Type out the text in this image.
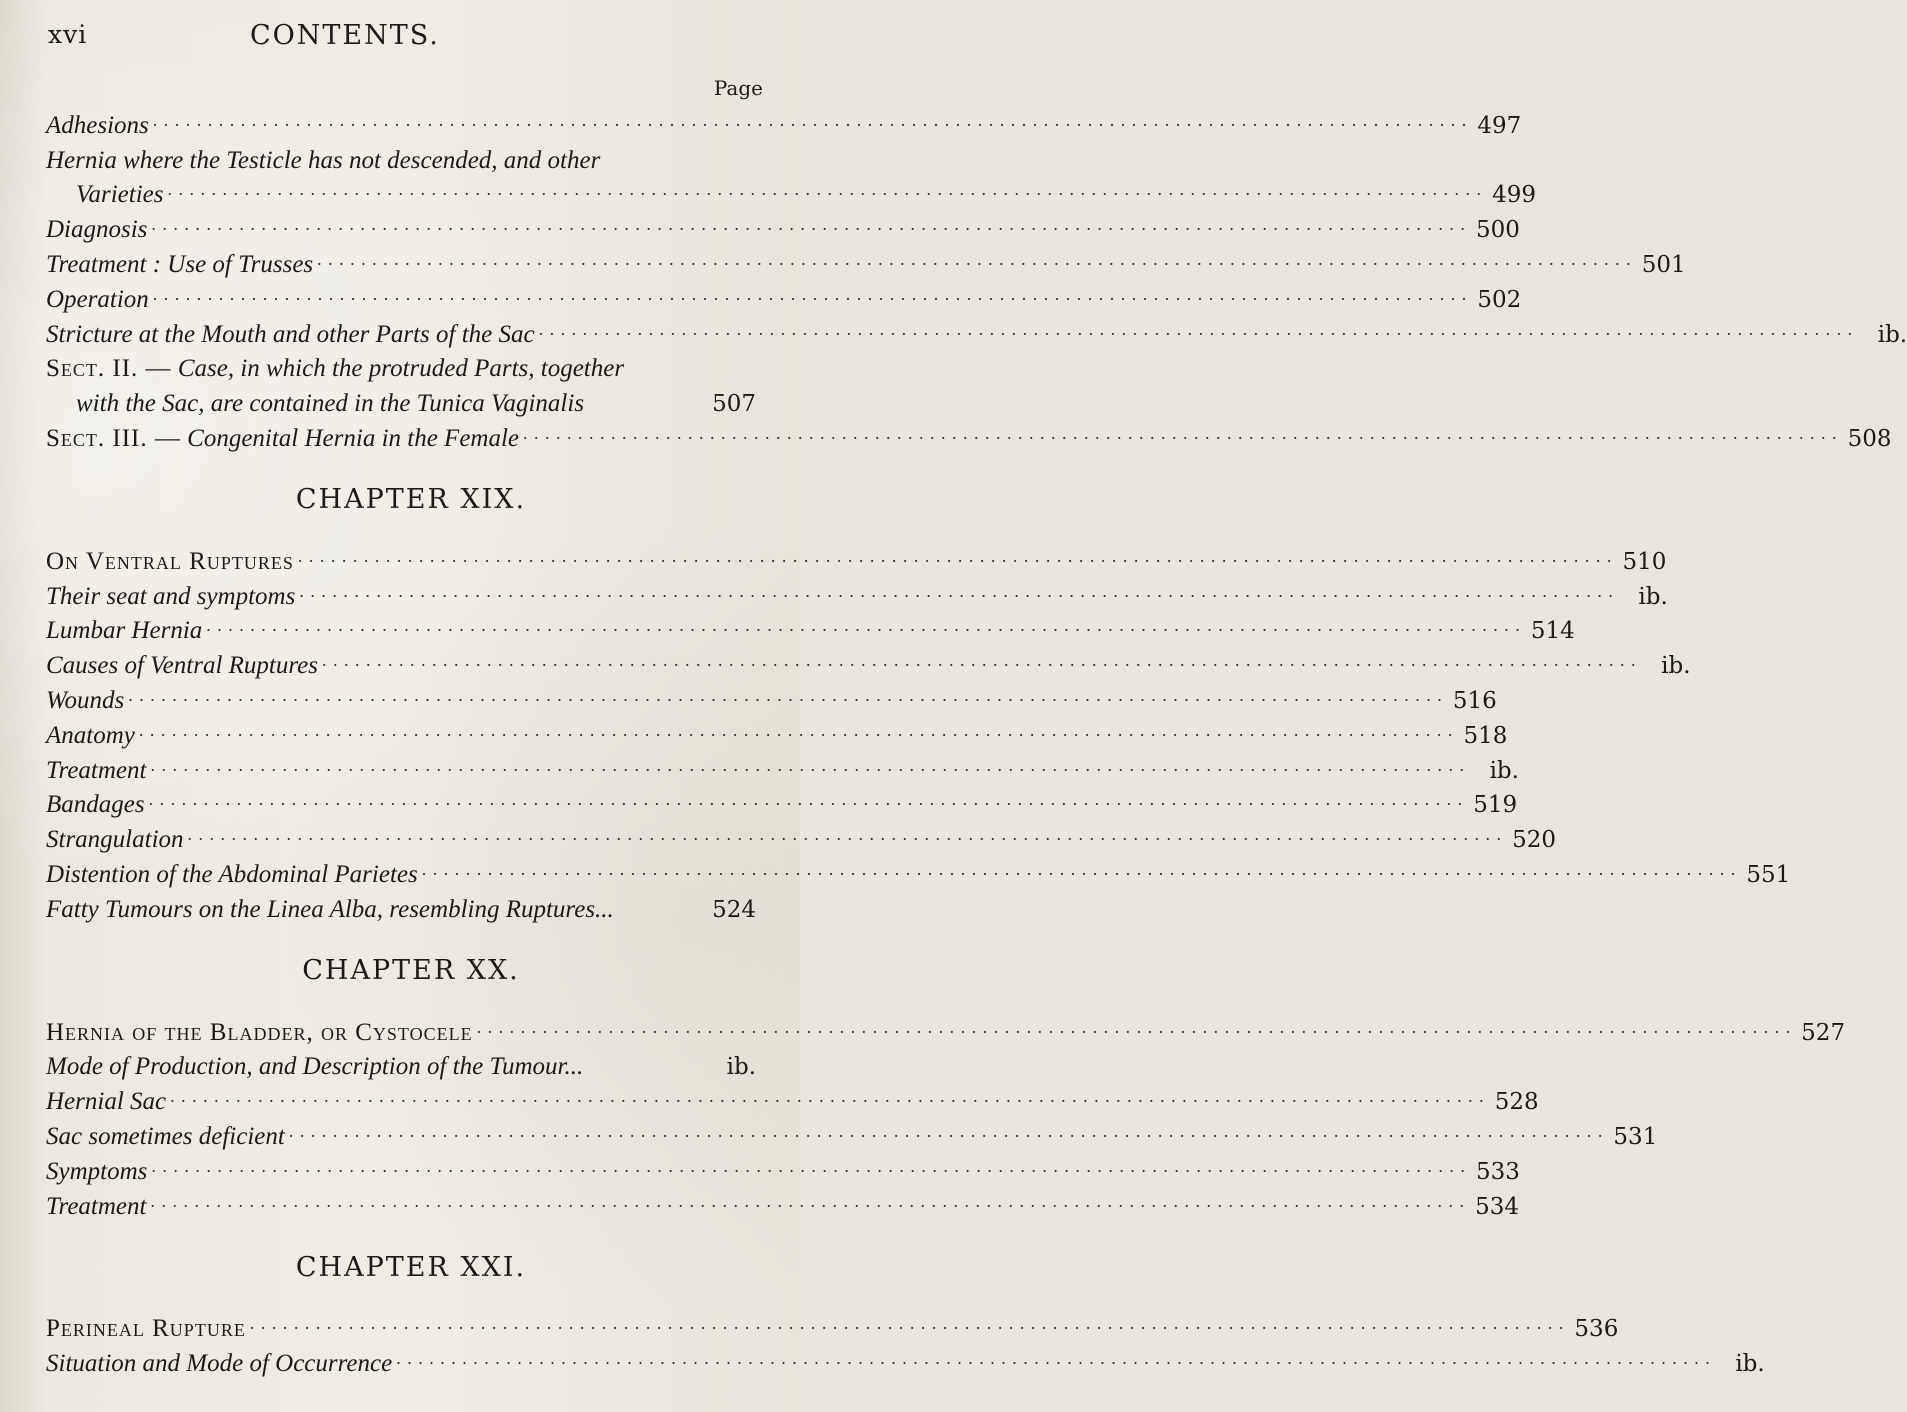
xvi	CONTENTS.
Page
Adhesions . . . . . . . . . . . . . . . . . . . . . . . . . . . . . . . . . . . . . . . . . . . . . . . . . . . . . . . . . . . . . . . . . . . . . . . . . . . . . . . . . . . . . . . . . . . . . . . . . . . . . . . . . . . . . . . . . . . . . . . . 497
Hernia where the Testicle has not descended, and other
Varieties . . . . . . . . . . . . . . . . . . . . . . . . . . . . . . . . . . . . . . . . . . . . . . . . . . . . . . . . . . . . . . . . . . . . . . . . . . . . . . . . . . . . . . . . . . . . . . . . . . . . . . . . . . . . . . . . . . . . . . . . 499
Diagnosis . . . . . . . . . . . . . . . . . . . . . . . . . . . . . . . . . . . . . . . . . . . . . . . . . . . . . . . . . . . . . . . . . . . . . . . . . . . . . . . . . . . . . . . . . . . . . . . . . . . . . . . . . . . . . . . . . . . . . . . . 500
Treatment : Use of Trusses . . . . . . . . . . . . . . . . . . . . . . . . . . . . . . . . . . . . . . . . . . . . . . . . . . . . . . . . . . . . . . . . . . . . . . . . . . . . . . . . . . . . . . . . . . . . . . . . . . . . . . . . . . . . . . . . . . . . . . . . 501
Operation . . . . . . . . . . . . . . . . . . . . . . . . . . . . . . . . . . . . . . . . . . . . . . . . . . . . . . . . . . . . . . . . . . . . . . . . . . . . . . . . . . . . . . . . . . . . . . . . . . . . . . . . . . . . . . . . . . . . . . . . 502
Stricture at the Mouth and other Parts of the Sac . . . . . . . . . . . . . . . . . . . . . . . . . . . . . . . . . . . . . . . . . . . . . . . . . . . . . . . . . . . . . . . . . . . . . . . . . . . . . . . . . . . . . . . . . . . . . . . . . . . . . . . . . . . . . . . . . . . . . . . .	ib.
Sect. II. — Case, in which the protruded Parts, together
with the Sac, are contained in the Tunica Vaginalis	507
Sect. III. — Congenital Hernia in the Female . . . . . . . . . . . . . . . . . . . . . . . . . . . . . . . . . . . . . . . . . . . . . . . . . . . . . . . . . . . . . . . . . . . . . . . . . . . . . . . . . . . . . . . . . . . . . . . . . . . . . . . . . . . . . . . . . . . . . . . . 508
CHAPTER XIX.
On Ventral Ruptures . . . . . . . . . . . . . . . . . . . . . . . . . . . . . . . . . . . . . . . . . . . . . . . . . . . . . . . . . . . . . . . . . . . . . . . . . . . . . . . . . . . . . . . . . . . . . . . . . . . . . . . . . . . . . . . . . . . . . . . . 510
Their seat and symptoms . . . . . . . . . . . . . . . . . . . . . . . . . . . . . . . . . . . . . . . . . . . . . . . . . . . . . . . . . . . . . . . . . . . . . . . . . . . . . . . . . . . . . . . . . . . . . . . . . . . . . . . . . . . . . . . . . . . . . . . .	ib.
Lumbar Hernia . . . . . . . . . . . . . . . . . . . . . . . . . . . . . . . . . . . . . . . . . . . . . . . . . . . . . . . . . . . . . . . . . . . . . . . . . . . . . . . . . . . . . . . . . . . . . . . . . . . . . . . . . . . . . . . . . . . . . . . . 514
Causes of Ventral Ruptures . . . . . . . . . . . . . . . . . . . . . . . . . . . . . . . . . . . . . . . . . . . . . . . . . . . . . . . . . . . . . . . . . . . . . . . . . . . . . . . . . . . . . . . . . . . . . . . . . . . . . . . . . . . . . . . . . . . . . . . .	ib.
Wounds . . . . . . . . . . . . . . . . . . . . . . . . . . . . . . . . . . . . . . . . . . . . . . . . . . . . . . . . . . . . . . . . . . . . . . . . . . . . . . . . . . . . . . . . . . . . . . . . . . . . . . . . . . . . . . . . . . . . . . . . 516
Anatomy . . . . . . . . . . . . . . . . . . . . . . . . . . . . . . . . . . . . . . . . . . . . . . . . . . . . . . . . . . . . . . . . . . . . . . . . . . . . . . . . . . . . . . . . . . . . . . . . . . . . . . . . . . . . . . . . . . . . . . . . 518
Treatment . . . . . . . . . . . . . . . . . . . . . . . . . . . . . . . . . . . . . . . . . . . . . . . . . . . . . . . . . . . . . . . . . . . . . . . . . . . . . . . . . . . . . . . . . . . . . . . . . . . . . . . . . . . . . . . . . . . . . . . .	ib.
Bandages . . . . . . . . . . . . . . . . . . . . . . . . . . . . . . . . . . . . . . . . . . . . . . . . . . . . . . . . . . . . . . . . . . . . . . . . . . . . . . . . . . . . . . . . . . . . . . . . . . . . . . . . . . . . . . . . . . . . . . . . 519
Strangulation . . . . . . . . . . . . . . . . . . . . . . . . . . . . . . . . . . . . . . . . . . . . . . . . . . . . . . . . . . . . . . . . . . . . . . . . . . . . . . . . . . . . . . . . . . . . . . . . . . . . . . . . . . . . . . . . . . . . . . . . 520
Distention of the Abdominal Parietes . . . . . . . . . . . . . . . . . . . . . . . . . . . . . . . . . . . . . . . . . . . . . . . . . . . . . . . . . . . . . . . . . . . . . . . . . . . . . . . . . . . . . . . . . . . . . . . . . . . . . . . . . . . . . . . . . . . . . . . . 551
Fatty Tumours on the Linea Alba, resembling Ruptures...	524
CHAPTER XX.
Hernia of the Bladder, or Cystocele . . . . . . . . . . . . . . . . . . . . . . . . . . . . . . . . . . . . . . . . . . . . . . . . . . . . . . . . . . . . . . . . . . . . . . . . . . . . . . . . . . . . . . . . . . . . . . . . . . . . . . . . . . . . . . . . . . . . . . . . 527
Mode of Production, and Description of the Tumour...	ib.
Hernial Sac . . . . . . . . . . . . . . . . . . . . . . . . . . . . . . . . . . . . . . . . . . . . . . . . . . . . . . . . . . . . . . . . . . . . . . . . . . . . . . . . . . . . . . . . . . . . . . . . . . . . . . . . . . . . . . . . . . . . . . . . 528
Sac sometimes deficient . . . . . . . . . . . . . . . . . . . . . . . . . . . . . . . . . . . . . . . . . . . . . . . . . . . . . . . . . . . . . . . . . . . . . . . . . . . . . . . . . . . . . . . . . . . . . . . . . . . . . . . . . . . . . . . . . . . . . . . . 531
Symptoms . . . . . . . . . . . . . . . . . . . . . . . . . . . . . . . . . . . . . . . . . . . . . . . . . . . . . . . . . . . . . . . . . . . . . . . . . . . . . . . . . . . . . . . . . . . . . . . . . . . . . . . . . . . . . . . . . . . . . . . . 533
Treatment . . . . . . . . . . . . . . . . . . . . . . . . . . . . . . . . . . . . . . . . . . . . . . . . . . . . . . . . . . . . . . . . . . . . . . . . . . . . . . . . . . . . . . . . . . . . . . . . . . . . . . . . . . . . . . . . . . . . . . . . 534
CHAPTER XXI.
Perineal Rupture . . . . . . . . . . . . . . . . . . . . . . . . . . . . . . . . . . . . . . . . . . . . . . . . . . . . . . . . . . . . . . . . . . . . . . . . . . . . . . . . . . . . . . . . . . . . . . . . . . . . . . . . . . . . . . . . . . . . . . . . 536
Situation and Mode of Occurrence . . . . . . . . . . . . . . . . . . . . . . . . . . . . . . . . . . . . . . . . . . . . . . . . . . . . . . . . . . . . . . . . . . . . . . . . . . . . . . . . . . . . . . . . . . . . . . . . . . . . . . . . . . . . . . . . . . . . . . . .	ib.
